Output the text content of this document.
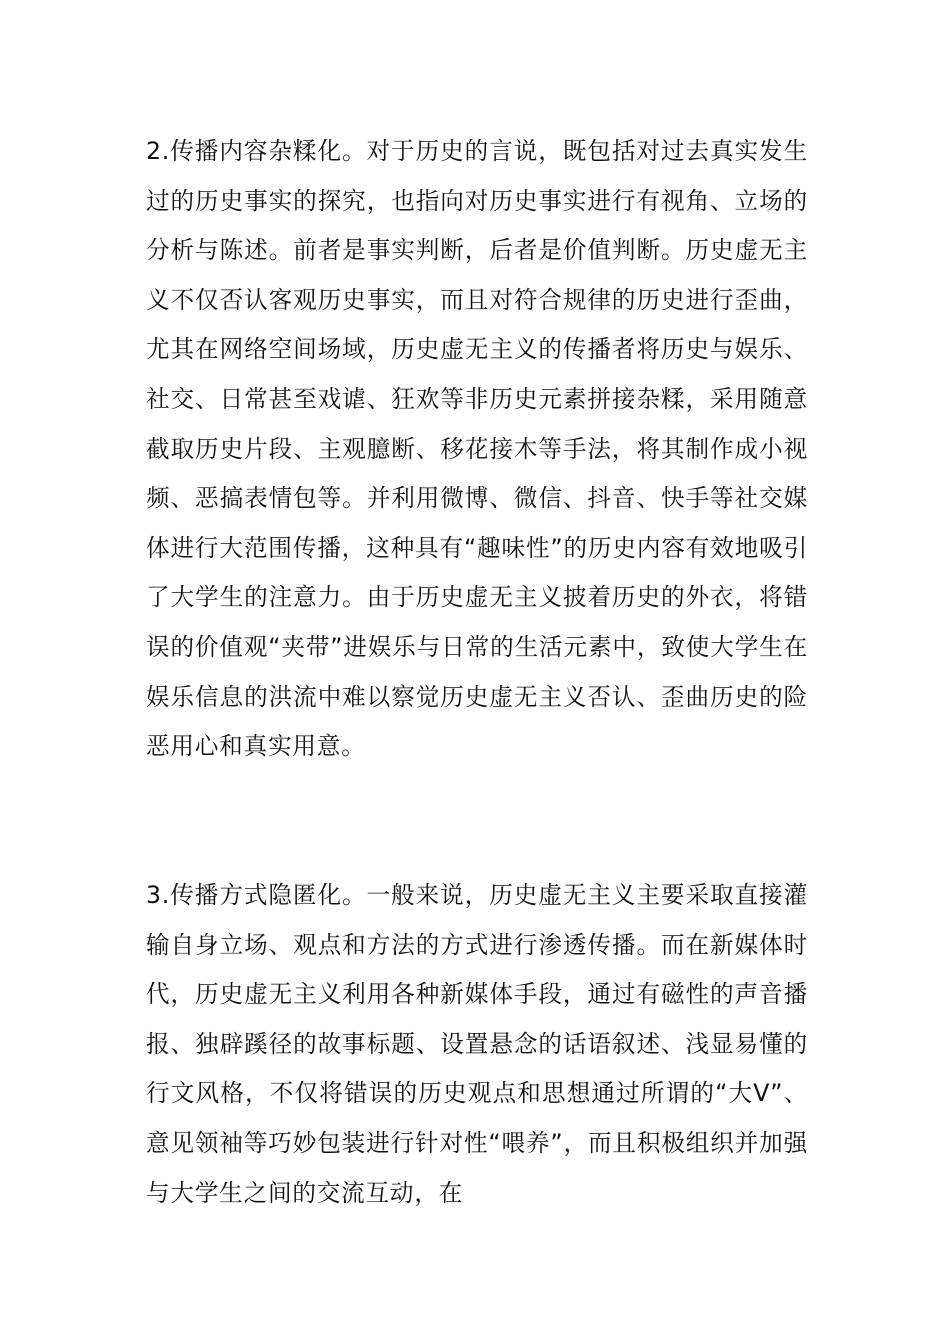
2.传播内容杂糅化。对于历史的言说，既包括对过去真实发生过的历史事实的探究，也指向对历史事实进行有视角、立场的分析与陈述。前者是事实判断，后者是价值判断。历史虚无主义不仅否认客观历史事实，而且对符合规律的历史进行歪曲，尤其在网络空间场域，历史虚无主义的传播者将历史与娱乐、社交、日常甚至戏谑、狂欢等非历史元素拼接杂糅，采用随意截取历史片段、主观臆断、移花接木等手法，将其制作成小视频、恶搞表情包等。并利用微博、微信、抖音、快手等社交媒体进行大范围传播，这种具有“趣味性”的历史内容有效地吸引了大学生的注意力。由于历史虚无主义披着历史的外衣，将错误的价值观“夹带”进娱乐与日常的生活元素中，致使大学生在娱乐信息的洪流中难以察觉历史虚无主义否认、歪曲历史的险恶用心和真实用意。

3.传播方式隐匿化。一般来说，历史虚无主义主要采取直接灌输自身立场、观点和方法的方式进行渗透传播。而在新媒体时代，历史虚无主义利用各种新媒体手段，通过有磁性的声音播报、独辟蹊径的故事标题、设置悬念的话语叙述、浅显易懂的行文风格，不仅将错误的历史观点和思想通过所谓的“大V”、意见领袖等巧妙包装进行针对性“喂养”，而且积极组织并加强与大学生之间的交流互动，在
